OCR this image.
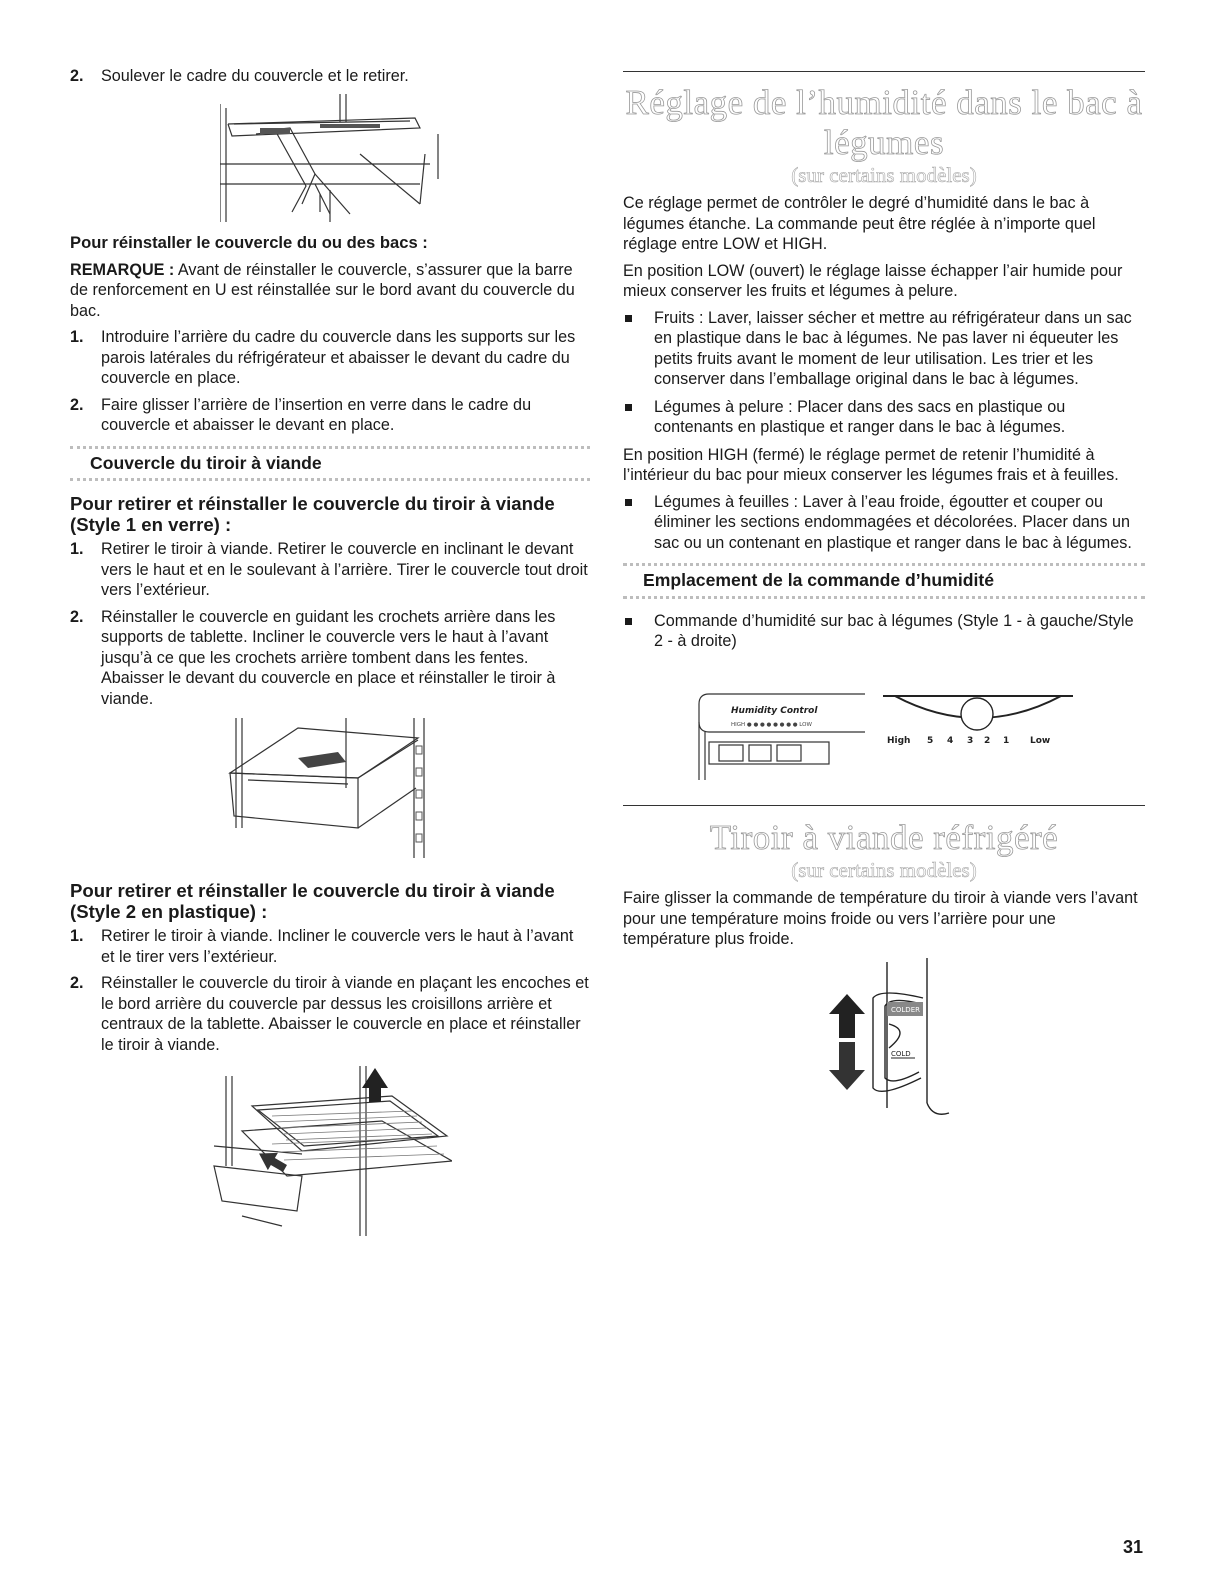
2. Soulever le cadre du couvercle et le retirer.

Pour réinstaller le couvercle du ou des bacs :

REMARQUE : Avant de réinstaller le couvercle, s’assurer que la barre de renforcement en U est réinstallée sur le bord avant du couvercle du bac.

1. Introduire l’arrière du cadre du couvercle dans les supports sur les parois latérales du réfrigérateur et abaisser le devant du cadre du couvercle en place.
2. Faire glisser l’arrière de l’insertion en verre dans le cadre du couvercle et abaisser le devant en place.
Couvercle du tiroir à viande

Pour retirer et réinstaller le couvercle du tiroir à viande (Style 1 en verre) :

1. Retirer le tiroir à viande. Retirer le couvercle en inclinant le devant vers le haut et en le soulevant à l’arrière. Tirer le couvercle tout droit vers l’extérieur.
2. Réinstaller le couvercle en guidant les crochets arrière dans les supports de tablette. Incliner le couvercle vers le haut à l’avant jusqu’à ce que les crochets arrière tombent dans les fentes. Abaisser le devant du couvercle en place et réinstaller le tiroir à viande.

Pour retirer et réinstaller le couvercle du tiroir à viande (Style 2 en plastique) :

1. Retirer le tiroir à viande. Incliner le couvercle vers le haut à l’avant et le tirer vers l’extérieur.
2. Réinstaller le couvercle du tiroir à viande en plaçant les encoches et le bord arrière du couvercle par dessus les croisillons arrière et centraux de la tablette. Abaisser le couvercle en place et réinstaller le tiroir à viande.
Réglage de l’humidité dans le bac à légumes
(sur certains modèles)

Ce réglage permet de contrôler le degré d’humidité dans le bac à légumes étanche. La commande peut être réglée à n’importe quel réglage entre LOW et HIGH.

En position LOW (ouvert) le réglage laisse échapper l’air humide pour mieux conserver les fruits et légumes à pelure.

Fruits : Laver, laisser sécher et mettre au réfrigérateur dans un sac en plastique dans le bac à légumes. Ne pas laver ni équeuter les petits fruits avant le moment de leur utilisation. Les trier et les conserver dans l’emballage original dans le bac à légumes.
Légumes à pelure : Placer dans des sacs en plastique ou contenants en plastique et ranger dans le bac à légumes.

En position HIGH (fermé) le réglage permet de retenir l’humidité à l’intérieur du bac pour mieux conserver les légumes frais et à feuilles.

Légumes à feuilles : Laver à l’eau froide, égoutter et couper ou éliminer les sections endommagées et décolorées. Placer dans un sac ou un contenant en plastique et ranger dans le bac à légumes.
Emplacement de la commande d’humidité
Commande d’humidité sur bac à légumes (Style 1 - à gauche/Style 2 - à droite)
Humidity Control
HIGH ● ● ● ● ● ● ● ● LOW
High 5 4 3 2 1 Low
Tiroir à viande réfrigéré
(sur certains modèles)

Faire glisser la commande de température du tiroir à viande vers l’avant pour une température moins froide ou vers l’arrière pour une température plus froide.

COLDER
COLD
31
